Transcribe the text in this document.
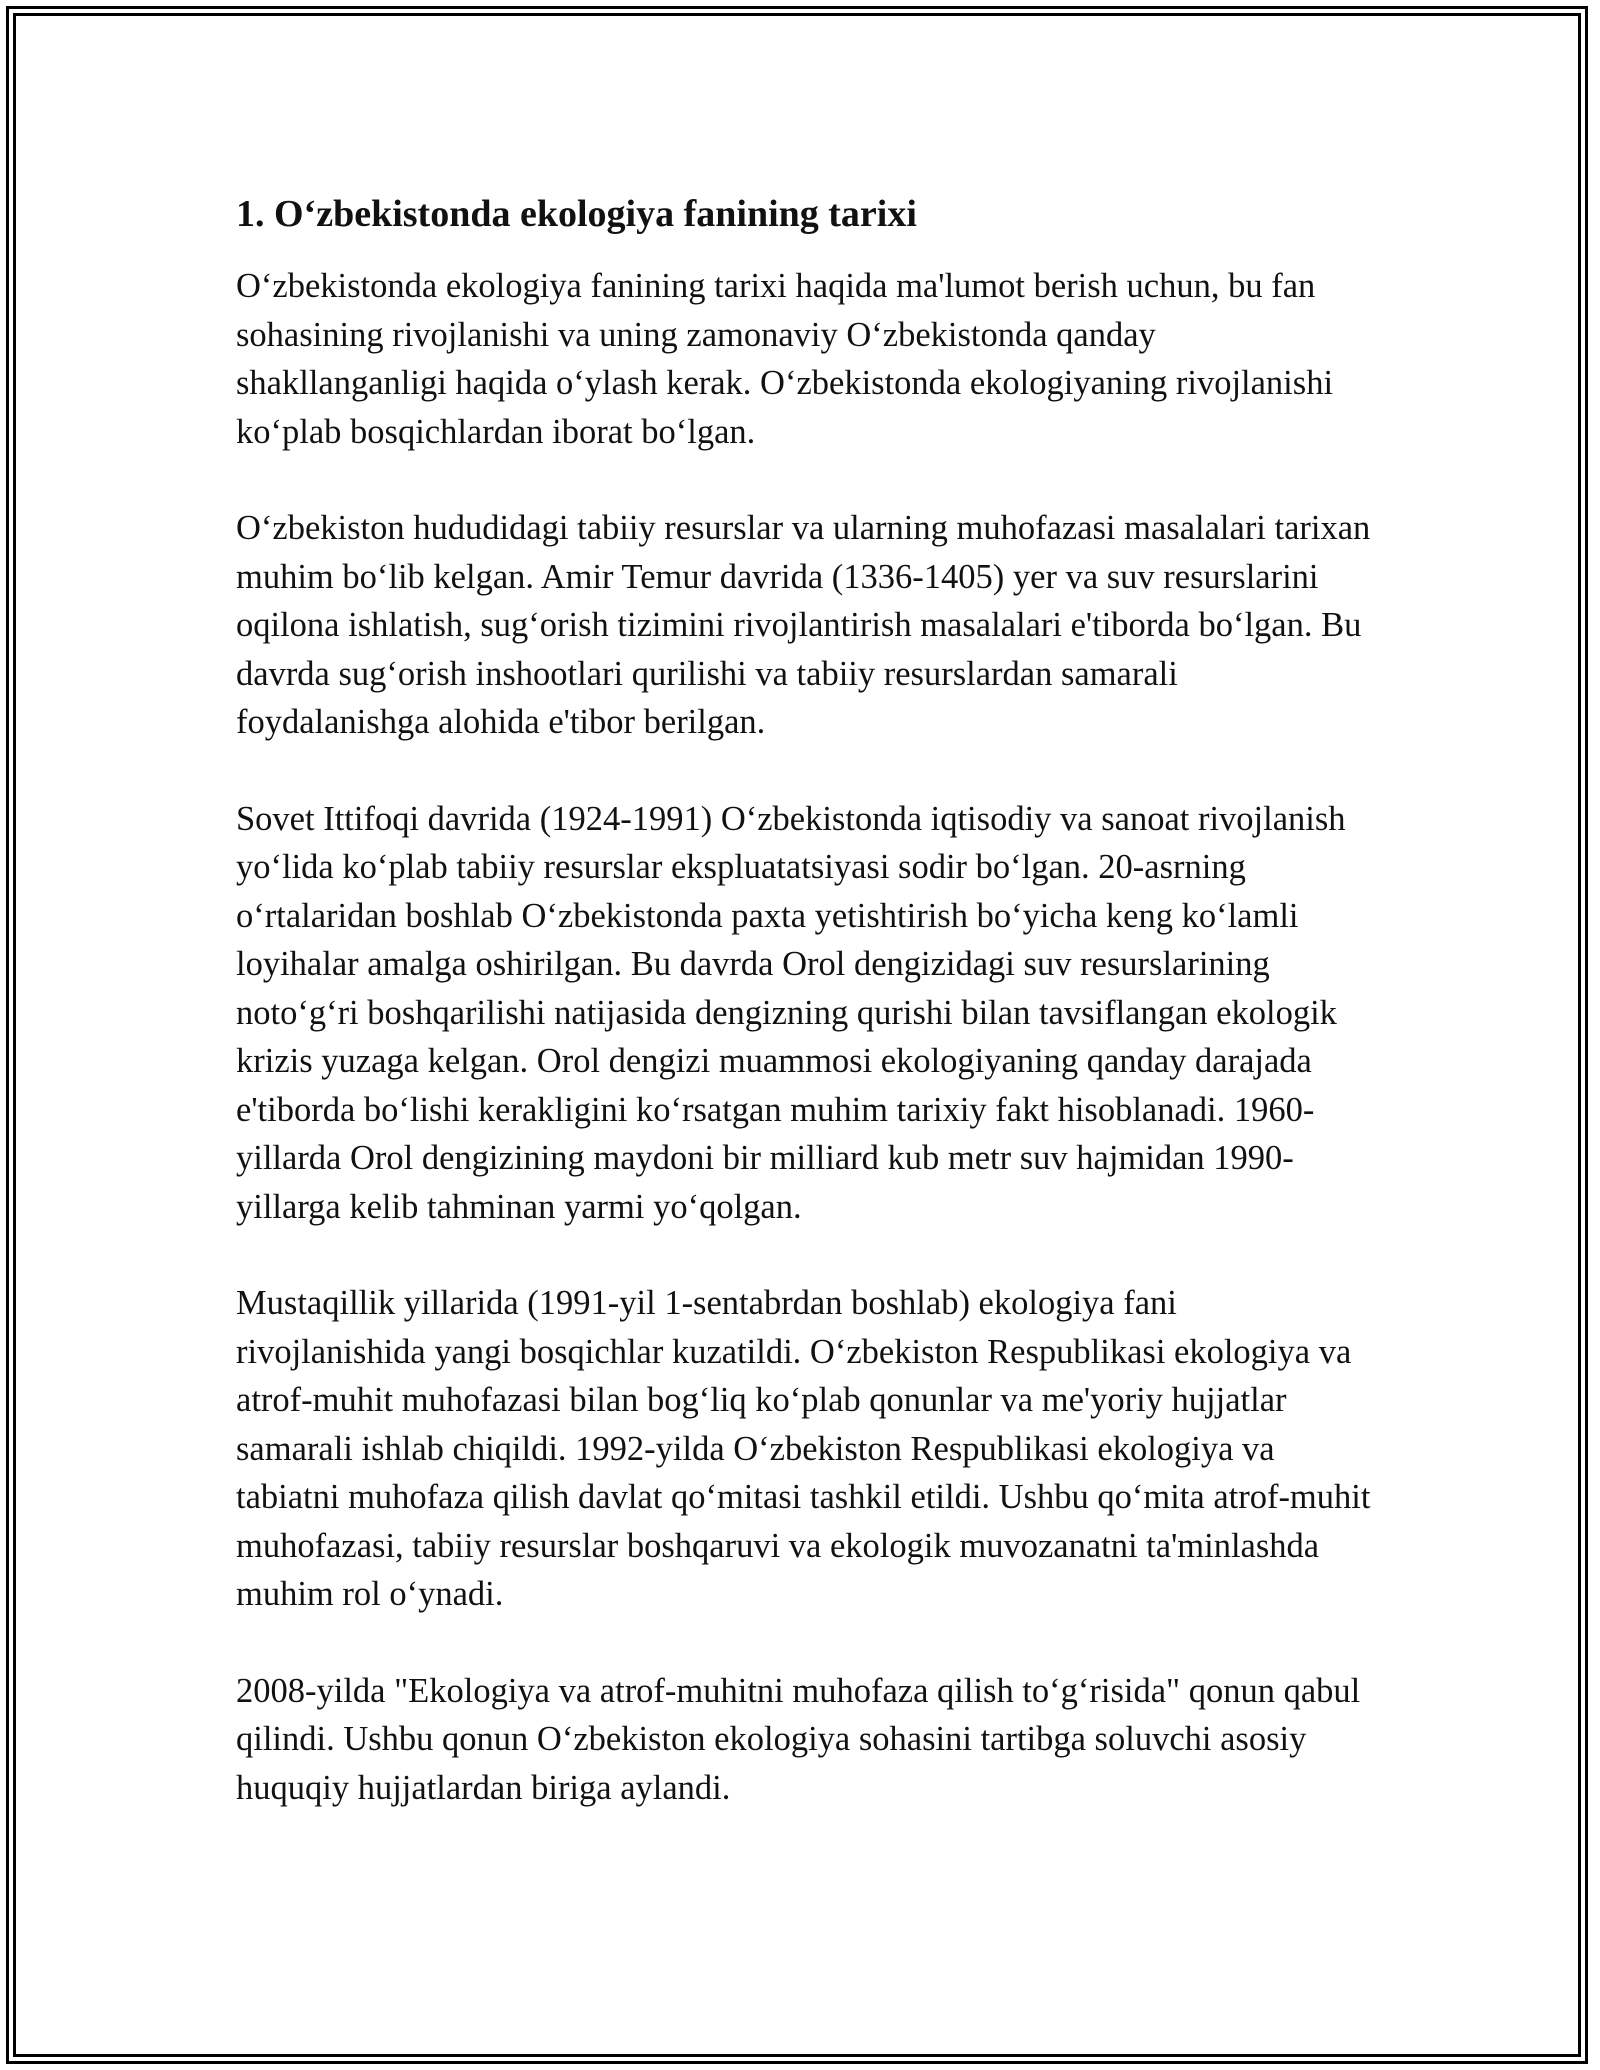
1. O‘zbekistonda ekologiya fanining tarixi

O‘zbekistonda ekologiya fanining tarixi haqida ma'lumot berish uchun, bu fan sohasining rivojlanishi va uning zamonaviy O‘zbekistonda qanday shakllanganligi haqida o‘ylash kerak. O‘zbekistonda ekologiyaning rivojlanishi ko‘plab bosqichlardan iborat bo‘lgan.

O‘zbekiston hududidagi tabiiy resurslar va ularning muhofazasi masalalari tarixan muhim bo‘lib kelgan. Amir Temur davrida (1336-1405) yer va suv resurslarini oqilona ishlatish, sug‘orish tizimini rivojlantirish masalalari e'tiborda bo‘lgan. Bu davrda sug‘orish inshootlari qurilishi va tabiiy resurslardan samarali foydalanishga alohida e'tibor berilgan.

Sovet Ittifoqi davrida (1924-1991) O‘zbekistonda iqtisodiy va sanoat rivojlanish yo‘lida ko‘plab tabiiy resurslar ekspluatatsiyasi sodir bo‘lgan. 20-asrning o‘rtalaridan boshlab O‘zbekistonda paxta yetishtirish bo‘yicha keng ko‘lamli loyihalar amalga oshirilgan. Bu davrda Orol dengizidagi suv resurslarining noto‘g‘ri boshqarilishi natijasida dengizning qurishi bilan tavsiflangan ekologik krizis yuzaga kelgan. Orol dengizi muammosi ekologiyaning qanday darajada e'tiborda bo‘lishi kerakligini ko‘rsatgan muhim tarixiy fakt hisoblanadi. 1960-yillarda Orol dengizining maydoni bir milliard kub metr suv hajmidan 1990-yillarga kelib tahminan yarmi yo‘qolgan.

Mustaqillik yillarida (1991-yil 1-sentabrdan boshlab) ekologiya fani rivojlanishida yangi bosqichlar kuzatildi. O‘zbekiston Respublikasi ekologiya va atrof-muhit muhofazasi bilan bog‘liq ko‘plab qonunlar va me'yoriy hujjatlar samarali ishlab chiqildi. 1992-yilda O‘zbekiston Respublikasi ekologiya va tabiatni muhofaza qilish davlat qo‘mitasi tashkil etildi. Ushbu qo‘mita atrof-muhit muhofazasi, tabiiy resurslar boshqaruvi va ekologik muvozanatni ta'minlashda muhim rol o‘ynadi.

2008-yilda "Ekologiya va atrof-muhitni muhofaza qilish to‘g‘risida" qonun qabul qilindi. Ushbu qonun O‘zbekiston ekologiya sohasini tartibga soluvchi asosiy huquqiy hujjatlardan biriga aylandi.
